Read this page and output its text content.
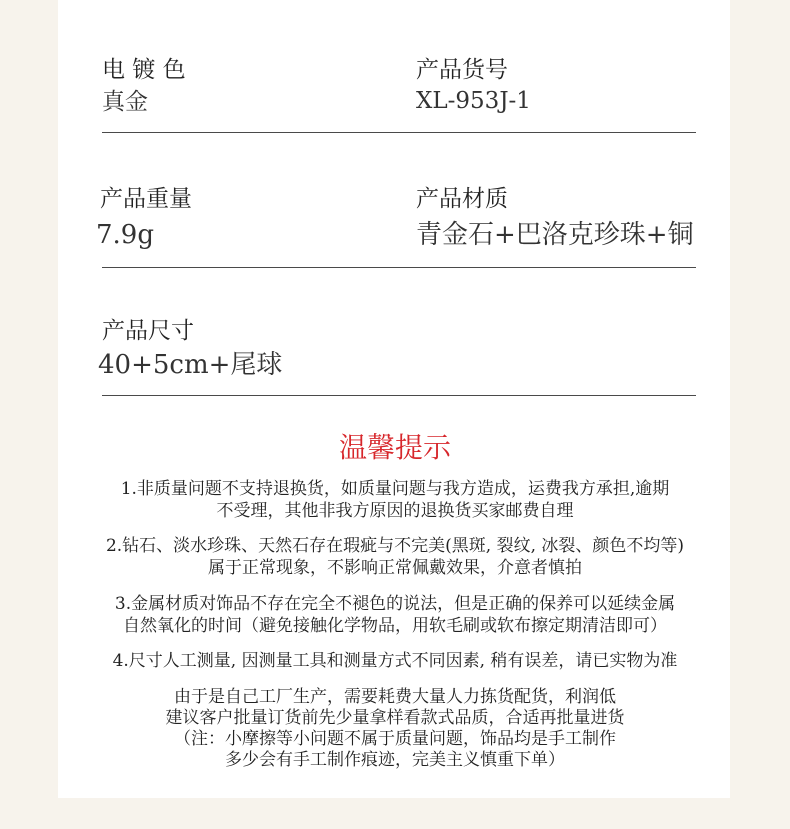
电 镀 色
真金
产品货号
XL-953J-1
产品重量
7.9g
产品材质
青金石+巴洛克珍珠+铜
产品尺寸
40+5cm+尾球
温馨提示

1.非质量问题不支持退换货，如质量问题与我方造成，运费我方承担,逾期

不受理，其他非我方原因的退换货买家邮费自理

2.钻石、淡水珍珠、天然石存在瑕疵与不完美(黑斑, 裂纹, 冰裂、颜色不均等)

属于正常现象，不影响正常佩戴效果，介意者慎拍

3.金属材质对饰品不存在完全不褪色的说法，但是正确的保养可以延续金属

自然氧化的时间（避免接触化学物品，用软毛刷或软布擦定期清洁即可）

4.尺寸人工测量, 因测量工具和测量方式不同因素, 稍有误差，请已实物为准

由于是自己工厂生产，需要耗费大量人力拣货配货，利润低

建议客户批量订货前先少量拿样看款式品质，合适再批量进货

（注：小摩擦等小问题不属于质量问题，饰品均是手工制作

多少会有手工制作痕迹，完美主义慎重下单）
